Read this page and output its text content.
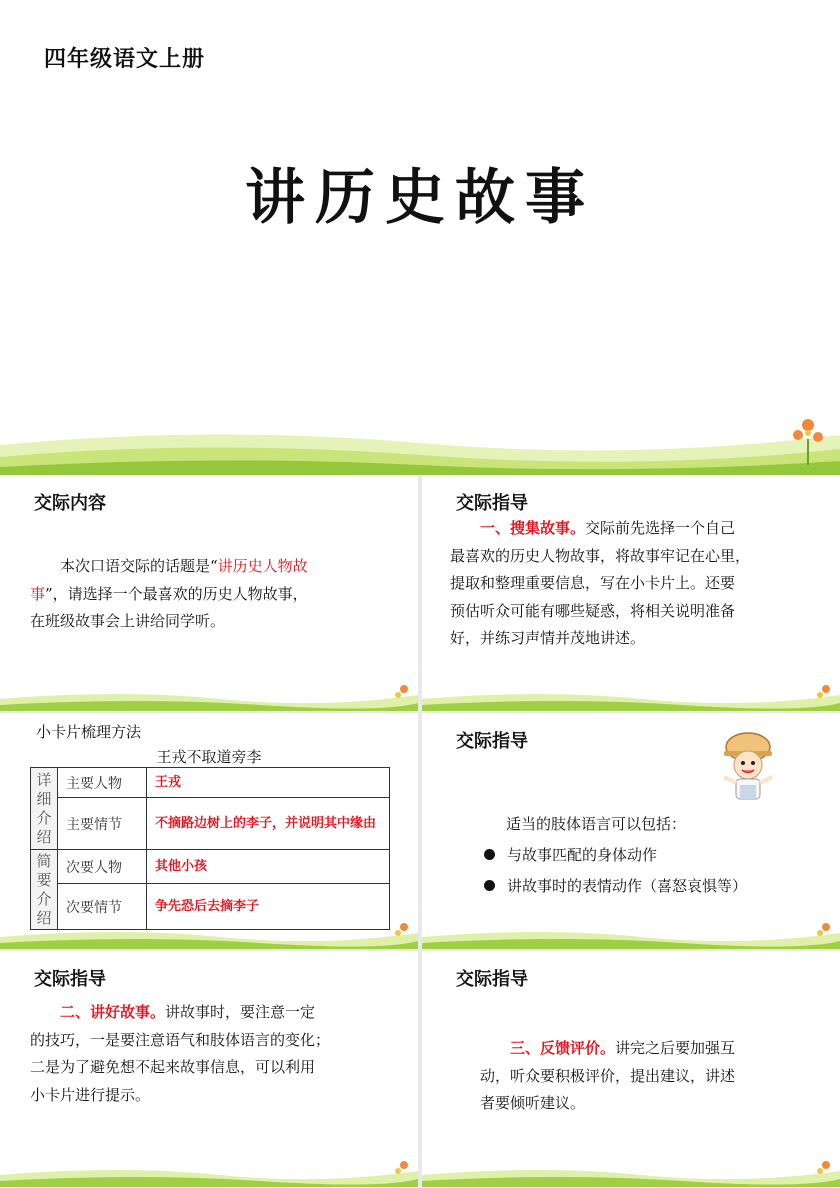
四年级语文上册
讲历史故事
交际内容
本次口语交际的话题是“讲历史人物故
事”，请选择一个最喜欢的历史人物故事，
在班级故事会上讲给同学听。
交际指导
一、搜集故事。交际前先选择一个自己
最喜欢的历史人物故事，将故事牢记在心里，
提取和整理重要信息，写在小卡片上。还要
预估听众可能有哪些疑惑，将相关说明准备
好，并练习声情并茂地讲述。
小卡片梳理方法
王戎不取道旁李
详细介绍	主要人物	王戎
	主要情节	不摘路边树上的李子，并说明其中缘由
简要介绍	次要人物	其他小孩
	次要情节	争先恐后去摘李子
交际指导
适当的肢体语言可以包括：
与故事匹配的身体动作
讲故事时的表情动作（喜怒哀惧等）
交际指导
二、讲好故事。讲故事时，要注意一定
的技巧，一是要注意语气和肢体语言的变化；
二是为了避免想不起来故事信息，可以利用
小卡片进行提示。
交际指导
三、反馈评价。讲完之后要加强互
动，听众要积极评价，提出建议，讲述
者要倾听建议。
